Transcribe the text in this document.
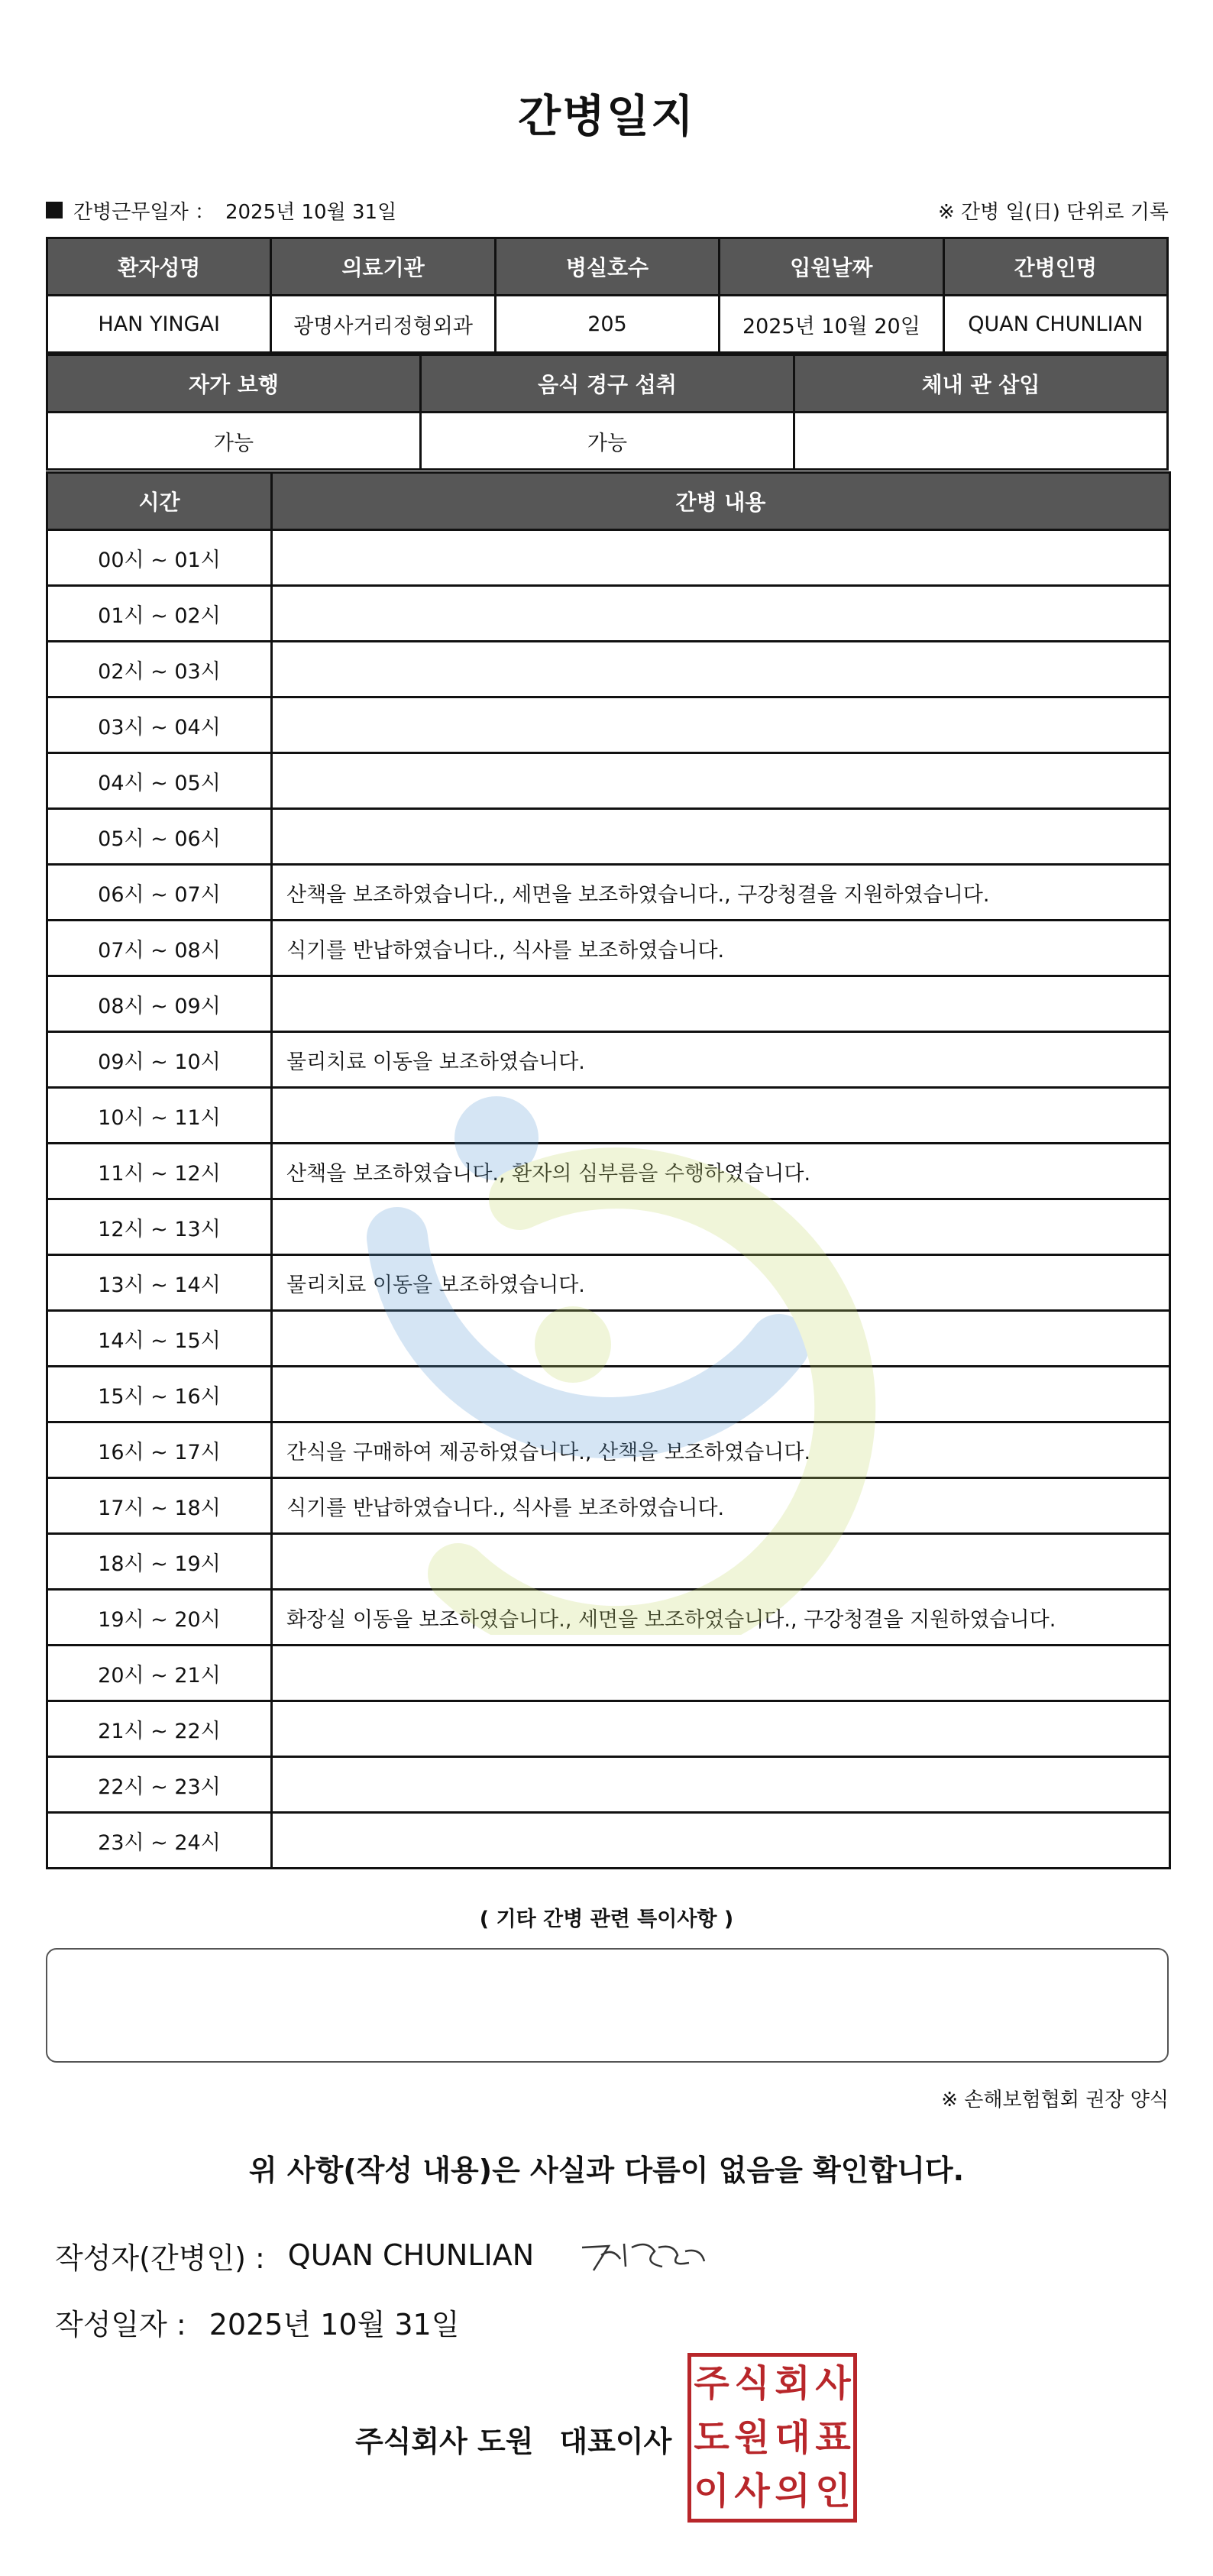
간병일지
간병근무일자 ： 2025년 10월 31일	※ 간병 일(日) 단위로 기록
환자성명	의료기관	병실호수	입원날짜	간병인명
HAN YINGAI	광명사거리정형외과	205	2025년 10월 20일	QUAN CHUNLIAN
자가 보행	음식 경구 섭취	체내 관 삽입
가능	가능	
시간	간병 내용
00시 ~ 01시	
01시 ~ 02시	
02시 ~ 03시	
03시 ~ 04시	
04시 ~ 05시	
05시 ~ 06시	
06시 ~ 07시	산책을 보조하였습니다., 세면을 보조하였습니다., 구강청결을 지원하였습니다.
07시 ~ 08시	식기를 반납하였습니다., 식사를 보조하였습니다.
08시 ~ 09시	
09시 ~ 10시	물리치료 이동을 보조하였습니다.
10시 ~ 11시	
11시 ~ 12시	산책을 보조하였습니다., 환자의 심부름을 수행하였습니다.
12시 ~ 13시	
13시 ~ 14시	물리치료 이동을 보조하였습니다.
14시 ~ 15시	
15시 ~ 16시	
16시 ~ 17시	간식을 구매하여 제공하였습니다., 산책을 보조하였습니다.
17시 ~ 18시	식기를 반납하였습니다., 식사를 보조하였습니다.
18시 ~ 19시	
19시 ~ 20시	화장실 이동을 보조하였습니다., 세면을 보조하였습니다., 구강청결을 지원하였습니다.
20시 ~ 21시	
21시 ~ 22시	
22시 ~ 23시	
23시 ~ 24시	
( 기타 간병 관련 특이사항 )
※ 손해보험협회 권장 양식
위 사항(작성 내용)은 사실과 다름이 없음을 확인합니다.
작성자(간병인) : QUAN CHUNLIAN
작성일자 : 2025년 10월 31일
주식회사 도원 대표이사
주 식 회 사
도 원 대 표
이 사 의 인
